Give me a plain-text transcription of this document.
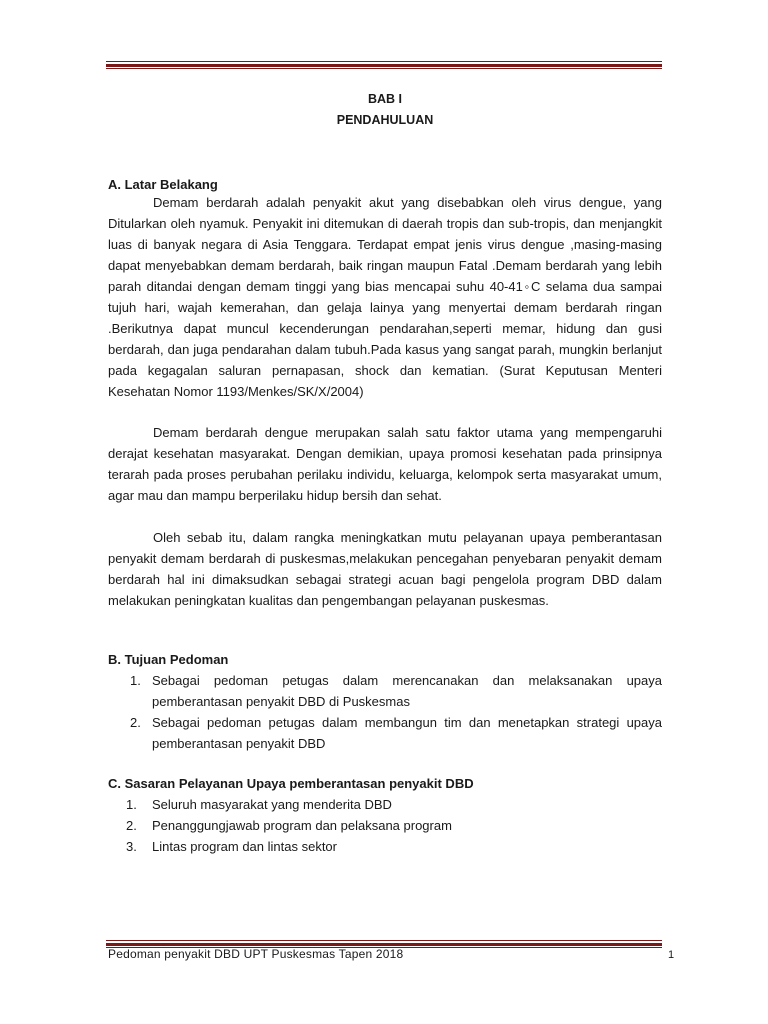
BAB I
PENDAHULUAN
A. Latar Belakang

Demam berdarah adalah penyakit akut yang disebabkan oleh virus dengue, yang Ditularkan oleh nyamuk. Penyakit ini ditemukan di daerah tropis dan sub-tropis, dan menjangkit luas di banyak negara di Asia Tenggara. Terdapat empat jenis virus dengue ,masing-masing dapat menyebabkan demam berdarah, baik ringan maupun Fatal .Demam berdarah yang lebih parah ditandai dengan demam tinggi yang bias mencapai suhu 40-41◦C selama dua sampai tujuh hari, wajah kemerahan, dan gelaja lainya yang menyertai demam berdarah ringan .Berikutnya dapat muncul kecenderungan pendarahan,seperti memar, hidung dan gusi berdarah, dan juga pendarahan dalam tubuh.Pada kasus yang sangat parah, mungkin berlanjut pada kegagalan saluran pernapasan, shock dan kematian. (Surat Keputusan Menteri Kesehatan Nomor 1193/Menkes/SK/X/2004)

Demam berdarah dengue merupakan salah satu faktor utama yang mempengaruhi derajat kesehatan masyarakat. Dengan demikian, upaya promosi kesehatan pada prinsipnya terarah pada proses perubahan perilaku individu, keluarga, kelompok serta masyarakat umum, agar mau dan mampu berperilaku hidup bersih dan sehat.

Oleh sebab itu, dalam rangka meningkatkan mutu pelayanan upaya pemberantasan penyakit demam berdarah di puskesmas,melakukan pencegahan penyebaran penyakit demam berdarah hal ini dimaksudkan sebagai strategi acuan bagi pengelola program DBD dalam melakukan peningkatan kualitas dan pengembangan pelayanan puskesmas.

B. Tujuan Pedoman
1. Sebagai pedoman petugas dalam merencanakan dan melaksanakan upaya pemberantasan penyakit DBD di Puskesmas
2. Sebagai pedoman petugas dalam membangun tim dan menetapkan strategi upaya pemberantasan penyakit DBD
C. Sasaran Pelayanan Upaya pemberantasan penyakit DBD
1. Seluruh masyarakat yang menderita DBD
2. Penanggungjawab program dan pelaksana program
3. Lintas program dan lintas sektor
Pedoman penyakit DBD UPT Puskesmas Tapen 2018	1
